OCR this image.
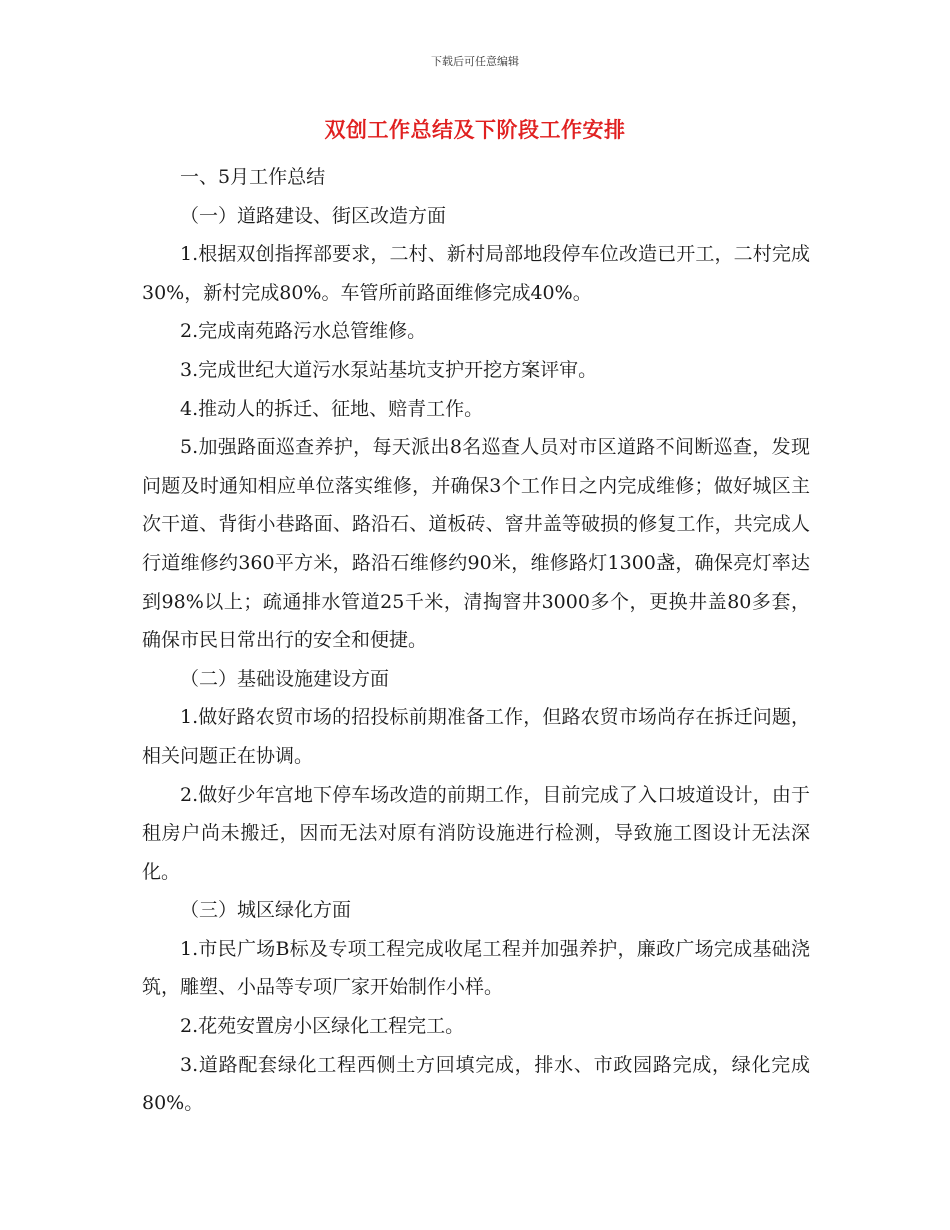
下载后可任意编辑
双创工作总结及下阶段工作安排

一、5月工作总结

（一）道路建设、街区改造方面

1.根据双创指挥部要求，二村、新村局部地段停车位改造已开工，二村完成30%，新村完成80%。车管所前路面维修完成40%。

2.完成南苑路污水总管维修。

3.完成世纪大道污水泵站基坑支护开挖方案评审。

4.推动人的拆迁、征地、赔青工作。

5.加强路面巡查养护，每天派出8名巡查人员对市区道路不间断巡查，发现问题及时通知相应单位落实维修，并确保3个工作日之内完成维修；做好城区主次干道、背街小巷路面、路沿石、道板砖、窨井盖等破损的修复工作，共完成人行道维修约360平方米，路沿石维修约90米，维修路灯1300盏，确保亮灯率达到98%以上；疏通排水管道25千米，清掏窨井3000多个，更换井盖80多套，确保市民日常出行的安全和便捷。

（二）基础设施建设方面

1.做好路农贸市场的招投标前期准备工作，但路农贸市场尚存在拆迁问题，相关问题正在协调。

2.做好少年宫地下停车场改造的前期工作，目前完成了入口坡道设计，由于租房户尚未搬迁，因而无法对原有消防设施进行检测，导致施工图设计无法深化。

（三）城区绿化方面

1.市民广场B标及专项工程完成收尾工程并加强养护，廉政广场完成基础浇筑，雕塑、小品等专项厂家开始制作小样。

2.花苑安置房小区绿化工程完工。

3.道路配套绿化工程西侧土方回填完成，排水、市政园路完成，绿化完成80%。
